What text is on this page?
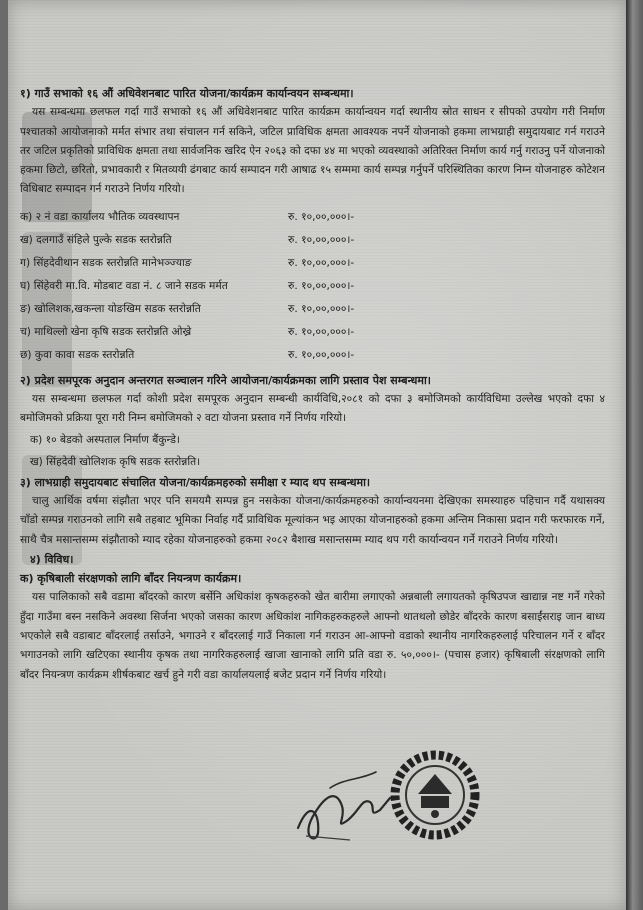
१) गाउँ सभाको १६ औं अधिवेशनबाट पारित योजना/कार्यक्रम कार्यान्वयन सम्बन्धमा।

यस सम्बन्धमा छलफल गर्दा गाउँ सभाको १६ औं अधिवेशनबाट पारित कार्यक्रम कार्यान्वयन गर्दा स्थानीय स्रोत साधन र सीपको उपयोग गरी निर्माण पश्चातको आयोजनाको मर्मत संभार तथा संचालन गर्न सकिने, जटिल प्राविधिक क्षमता आवश्यक नपर्ने योजनाको हकमा लाभग्राही समुदायबाट गर्न गराउने तर जटिल प्रकृतिको प्राविधिक क्षमता तथा सार्वजनिक खरिद ऐन २०६३ को दफा ४४ मा भएको व्यवस्थाको अतिरिक्त निर्माण कार्य गर्नु गराउनु पर्ने योजनाको हकमा छिटो, छरितो, प्रभावकारी र मितव्ययी ढंगबाट कार्य सम्पादन गरी आषाढ १५ सम्ममा कार्य सम्पन्न गर्नुपर्ने परिस्थितिका कारण निम्न योजनाहरु कोटेशन विधिबाट सम्पादन गर्न गराउने निर्णय गरियो।

क) २ नं वडा कार्यालय भौतिक व्यवस्थापन	रु. १०,००,०००।-
ख) दलगाउँ संहिले पुल्के सडक स्तरोन्नति	रु. १०,००,०००।-
ग) सिंहदेवीथान सडक स्तरोन्नति मानेभञ्ज्याङ	रु. १०,००,०००।-
घ) सिंहेवरी मा.वि. मोडबाट वडा नं. ८ जाने सडक मर्मत	रु. १०,००,०००।-
ङ) खोलिशक,खकन्ला योङखिम सडक स्तरोन्नति	रु. १०,००,०००।-
च) माथिल्लो खेना कृषि सडक स्तरोन्नति ओख्रे	रु. १०,००,०००।-
छ) कुवा कावा सडक स्तरोन्नति	रु. १०,००,०००।-

२) प्रदेश समपूरक अनुदान अन्तरगत सञ्चालन गरिने आयोजना/कार्यक्रमका लागि प्रस्ताव पेश सम्बन्धमा।

यस सम्बन्धमा छलफल गर्दा कोशी प्रदेश समपूरक अनुदान सम्बन्धी कार्यविधि,२०८१ को दफा ३ बमोजिमको कार्यविधिमा उल्लेख भएको दफा ४ बमोजिमको प्रक्रिया पूरा गरी निम्न बमोजिमको २ वटा योजना प्रस्ताव गर्ने निर्णय गरियो।

क) १० बेडको अस्पताल निर्माण बैंकुन्डे।

ख) सिंहदेवी खोलिशक कृषि सडक स्तरोन्नति।

३) लाभग्राही समुदायबाट संचालित योजना/कार्यक्रमहरुको समीक्षा र म्याद थप सम्बन्धमा।

चालु आर्थिक वर्षमा संझौता भएर पनि समयमै सम्पन्न हुन नसकेका योजना/कार्यक्रमहरुको कार्यान्वयनमा देखिएका समस्याहरु पहिचान गर्दै यथासक्य चाँडो सम्पन्न गराउनको लागि सबै तहबाट भूमिका निर्वाह गर्दै प्राविधिक मूल्यांकन भइ आएका योजनाहरुको हकमा अन्तिम निकासा प्रदान गरी फरफारक गर्ने, साथै चैत्र मसान्तसम्म संझौताको म्याद रहेका योजनाहरुको हकमा २०८२ बैशाख मसान्तसम्म म्याद थप गरी कार्यान्वयन गर्ने गराउने निर्णय गरियो।

४) विविध।

क) कृषिबाली संरक्षणको लागि बाँदर नियन्त्रण कार्यक्रम।

यस पालिकाको सबै वडामा बाँदरको कारण बर्सेनि अधिकांश कृषकहरुको खेत बारीमा लगाएको अन्नबाली लगायतको कृषिउपज खाद्यान्न नष्ट गर्ने गरेको हुँदा गाउँमा बस्न नसकिने अवस्था सिर्जना भएको जसका कारण अधिकांश नागिकहरुकहरुले आफ्नो थातथलो छोडेर बाँदरके कारण बसाईंसराइ जान बाध्य भएकोले सबै वडाबाट बाँदरलाई तर्साउने, भगाउने र बाँदरलाई गाउँ निकाला गर्न गराउन आ-आफ्नो वडाको स्थानीय नागरिकहरुलाई परिचालन गर्ने र बाँदर भगाउनको लागि खटिएका स्थानीय कृषक तथा नागरिकहरुलाई खाजा खानाको लागि प्रति वडा रु. ५०,०००।- (पचास हजार) कृषिबाली संरक्षणको लागि बाँदर नियन्त्रण कार्यक्रम शीर्षकबाट खर्च हुने गरी वडा कार्यालयलाई बजेट प्रदान गर्ने निर्णय गरियो।
